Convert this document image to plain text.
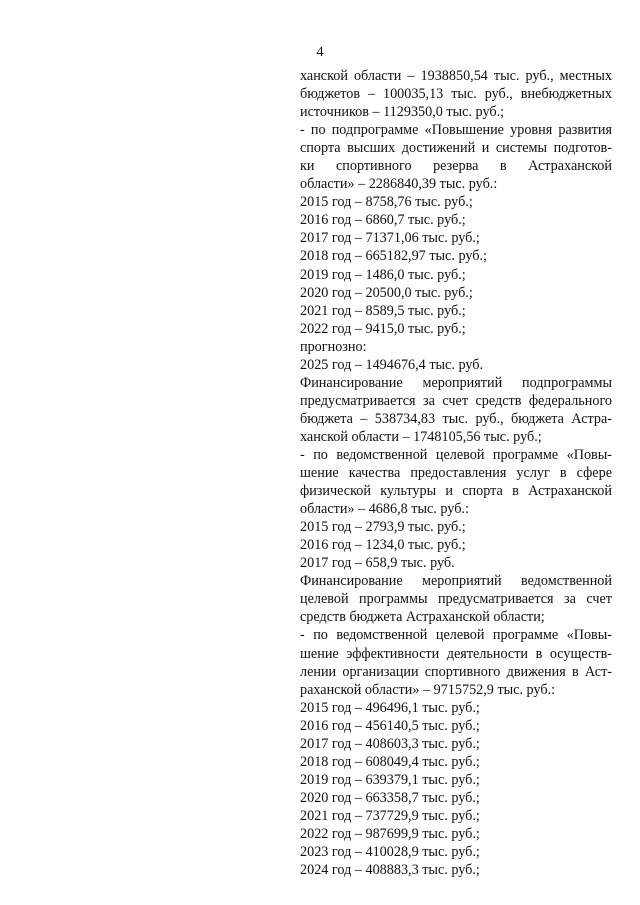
4
ханской области – 1938850,54 тыс. руб., местных
бюджетов – 100035,13 тыс. руб., внебюджетных
источников – 1129350,0 тыс. руб.;
- по подпрограмме «Повышение уровня развития
спорта высших достижений и системы подготов-
ки спортивного резерва в Астраханской
области» – 2286840,39 тыс. руб.:
2015 год – 8758,76 тыс. руб.;
2016 год – 6860,7 тыс. руб.;
2017 год – 71371,06 тыс. руб.;
2018 год – 665182,97 тыс. руб.;
2019 год – 1486,0 тыс. руб.;
2020 год – 20500,0 тыс. руб.;
2021 год – 8589,5 тыс. руб.;
2022 год – 9415,0 тыс. руб.;
прогнозно:
2025 год – 1494676,4 тыс. руб.
Финансирование мероприятий подпрограммы
предусматривается за счет средств федерального
бюджета – 538734,83 тыс. руб., бюджета Астра-
ханской области – 1748105,56 тыс. руб.;
- по ведомственной целевой программе «Повы-
шение качества предоставления услуг в сфере
физической культуры и спорта в Астраханской
области» – 4686,8 тыс. руб.:
2015 год – 2793,9 тыс. руб.;
2016 год – 1234,0 тыс. руб.;
2017 год – 658,9 тыс. руб.
Финансирование мероприятий ведомственной
целевой программы предусматривается за счет
средств бюджета Астраханской области;
- по ведомственной целевой программе «Повы-
шение эффективности деятельности в осуществ-
лении организации спортивного движения в Аст-
раханской области» – 9715752,9 тыс. руб.:
2015 год – 496496,1 тыс. руб.;
2016 год – 456140,5 тыс. руб.;
2017 год – 408603,3 тыс. руб.;
2018 год – 608049,4 тыс. руб.;
2019 год – 639379,1 тыс. руб.;
2020 год – 663358,7 тыс. руб.;
2021 год – 737729,9 тыс. руб.;
2022 год – 987699,9 тыс. руб.;
2023 год – 410028,9 тыс. руб.;
2024 год – 408883,3 тыс. руб.;
